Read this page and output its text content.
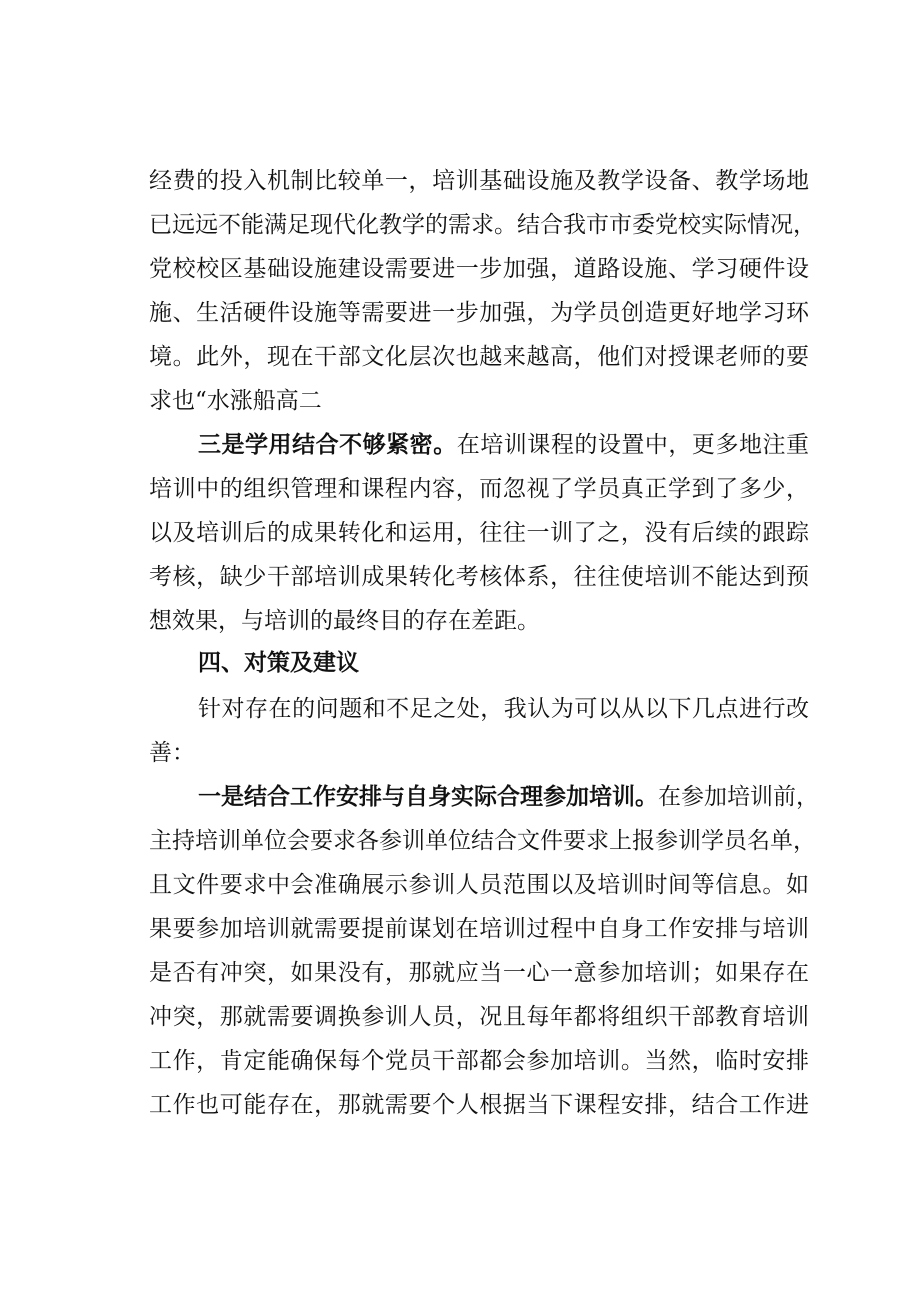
经费的投入机制比较单一，培训基础设施及教学设备、教学场地
已远远不能满足现代化教学的需求。结合我市市委党校实际情况，
党校校区基础设施建设需要进一步加强，道路设施、学习硬件设
施、生活硬件设施等需要进一步加强，为学员创造更好地学习环
境。此外，现在干部文化层次也越来越高，他们对授课老师的要
求也“水涨船高二
三是学用结合不够紧密。在培训课程的设置中，更多地注重
培训中的组织管理和课程内容，而忽视了学员真正学到了多少，
以及培训后的成果转化和运用，往往一训了之，没有后续的跟踪
考核，缺少干部培训成果转化考核体系，往往使培训不能达到预
想效果，与培训的最终目的存在差距。
四、对策及建议
针对存在的问题和不足之处，我认为可以从以下几点进行改
善：
一是结合工作安排与自身实际合理参加培训。在参加培训前，
主持培训单位会要求各参训单位结合文件要求上报参训学员名单，
且文件要求中会准确展示参训人员范围以及培训时间等信息。如
果要参加培训就需要提前谋划在培训过程中自身工作安排与培训
是否有冲突，如果没有，那就应当一心一意参加培训；如果存在
冲突，那就需要调换参训人员，况且每年都将组织干部教育培训
工作，肯定能确保每个党员干部都会参加培训。当然，临时安排
工作也可能存在，那就需要个人根据当下课程安排，结合工作进
